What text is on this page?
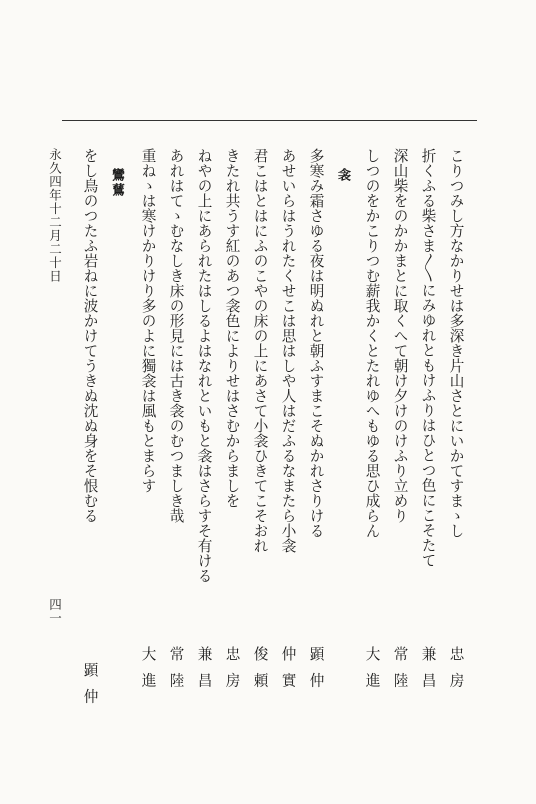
こりつみし方なかりせは多深き片山さとにいかてすまゝし
忠房
折くふる柴さま〳〵にみゆれともけふりはひとつ色にこそたて
兼昌
深山柴をのかかまとに取くへて朝け夕けのけふり立めり
常陸
しつのをかこりつむ薪我かくとたれゆへもゆる思ひ成らん
大進
衾
多寒み霜さゆる夜は明ぬれと朝ふすまこそぬかれさりける
顕仲
あせいらはうれたくせこは思はしや人はだふるなまたら小衾
仲實
君こはとはにふのこやの床の上にあさて小衾ひきてこそおれ
俊頼
きたれ共うす紅のあつ衾色によりせはさむからましを
忠房
ねやの上にあられたはしるよはなれといもと衾はさらすそ有ける
兼昌
あれはてゝむなしき床の形見には古き衾のむつましき哉
常陸
重ねゝは寒けかりけり多のよに獨衾は風もとまらす
大進
鸞鶿
をし鳥のつたふ岩ねに波かけてうきぬ沈ぬ身をそ恨むる
顕仲
永久四年十二月二十日
四一
